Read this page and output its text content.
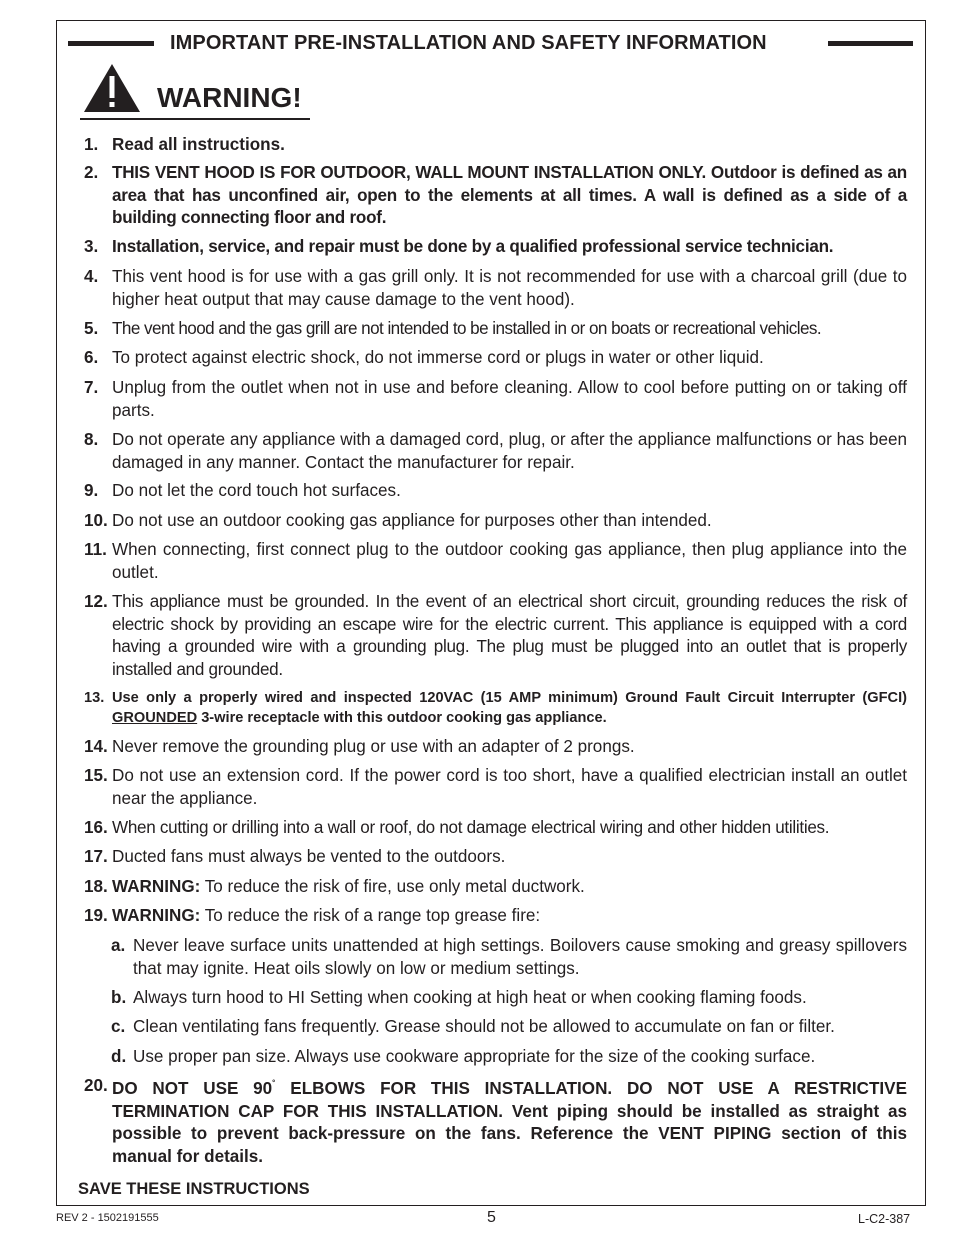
IMPORTANT PRE-INSTALLATION AND SAFETY INFORMATION
WARNING!
1. Read all instructions.
2. THIS VENT HOOD IS FOR OUTDOOR, WALL MOUNT INSTALLATION ONLY. Outdoor is defined as an area that has unconfined air, open to the elements at all times. A wall is defined as a side of a building connecting floor and roof.
3. Installation, service, and repair must be done by a qualified professional service technician.
4. This vent hood is for use with a gas grill only. It is not recommended for use with a charcoal grill (due to higher heat output that may cause damage to the vent hood).
5. The vent hood and the gas grill are not intended to be installed in or on boats or recreational vehicles.
6. To protect against electric shock, do not immerse cord or plugs in water or other liquid.
7. Unplug from the outlet when not in use and before cleaning. Allow to cool before putting on or taking off parts.
8. Do not operate any appliance with a damaged cord, plug, or after the appliance malfunctions or has been damaged in any manner. Contact the manufacturer for repair.
9. Do not let the cord touch hot surfaces.
10. Do not use an outdoor cooking gas appliance for purposes other than intended.
11. When connecting, first connect plug to the outdoor cooking gas appliance, then plug appliance into the outlet.
12. This appliance must be grounded. In the event of an electrical short circuit, grounding reduces the risk of electric shock by providing an escape wire for the electric current. This appliance is equipped with a cord having a grounded wire with a grounding plug. The plug must be plugged into an outlet that is properly installed and grounded.
13. Use only a properly wired and inspected 120VAC (15 AMP minimum) Ground Fault Circuit Interrupter (GFCI) GROUNDED 3-wire receptacle with this outdoor cooking gas appliance.
14. Never remove the grounding plug or use with an adapter of 2 prongs.
15. Do not use an extension cord. If the power cord is too short, have a qualified electrician install an outlet near the appliance.
16. When cutting or drilling into a wall or roof, do not damage electrical wiring and other hidden utilities.
17. Ducted fans must always be vented to the outdoors.
18. WARNING: To reduce the risk of fire, use only metal ductwork.
19. WARNING: To reduce the risk of a range top grease fire:
a. Never leave surface units unattended at high settings. Boilovers cause smoking and greasy spillovers that may ignite. Heat oils slowly on low or medium settings.
b. Always turn hood to HI Setting when cooking at high heat or when cooking flaming foods.
c. Clean ventilating fans frequently. Grease should not be allowed to accumulate on fan or filter.
d. Use proper pan size. Always use cookware appropriate for the size of the cooking surface.
20. DO NOT USE 90˚ ELBOWS FOR THIS INSTALLATION. DO NOT USE A RESTRICTIVE TERMINATION CAP FOR THIS INSTALLATION. Vent piping should be installed as straight as possible to prevent back-pressure on the fans. Reference the VENT PIPING section of this manual for details.
SAVE THESE INSTRUCTIONS
REV 2 - 1502191555	5	L-C2-387
